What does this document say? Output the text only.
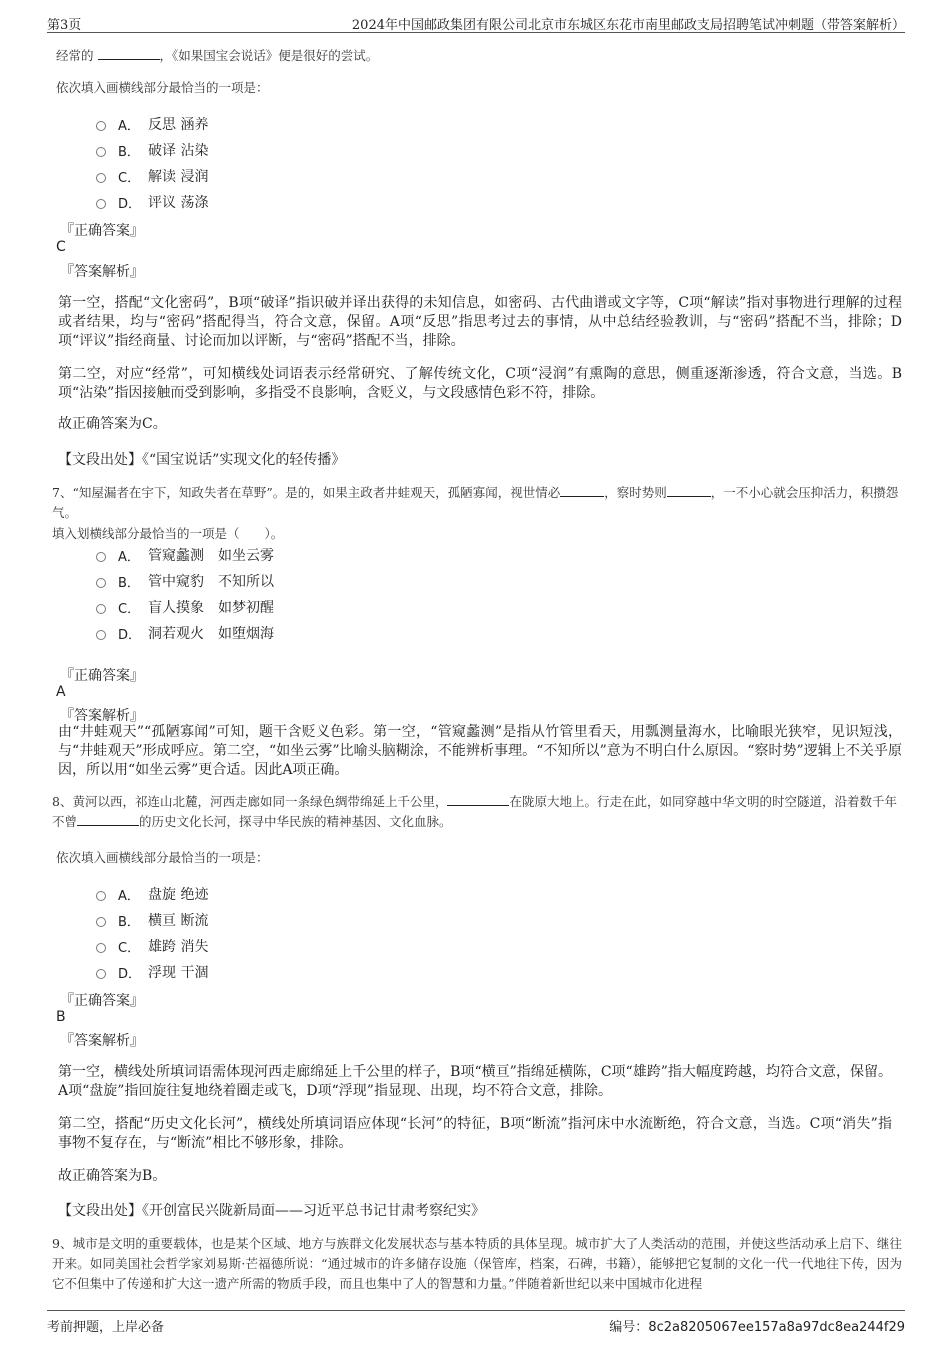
第3页	2024年中国邮政集团有限公司北京市东城区东花市南里邮政支局招聘笔试冲刺题（带答案解析）
经常的	，《如果国宝会说话》便是很好的尝试。
依次填入画横线部分最恰当的一项是：
A． 反思 涵养
B． 破译 沾染
C． 解读 浸润
D． 评议 荡涤
『正确答案』
C
『答案解析』
第一空，搭配“文化密码”，B项“破译”指识破并译出获得的未知信息，如密码、古代曲谱或文字等，C项“解读”指对事物进行理解的过程或者结果，均与“密码”搭配得当，符合文意，保留。A项“反思”指思考过去的事情，从中总结经验教训，与“密码”搭配不当，排除；D项“评议”指经商量、讨论而加以评断，与“密码”搭配不当，排除。
第二空，对应“经常”，可知横线处词语表示经常研究、了解传统文化，C项“浸润”有熏陶的意思，侧重逐渐渗透，符合文意，当选。B项“沾染”指因接触而受到影响，多指受不良影响，含贬义，与文段感情色彩不符，排除。
故正确答案为C。
【文段出处】《“国宝说话”实现文化的轻传播》
7、“知屋漏者在宇下，知政失者在草野”。是的，如果主政者井蛙观天，孤陋寡闻，视世情必	，察时势则	，一不小心就会压抑活力，积攒怨气。
填入划横线部分最恰当的一项是（　　）。
A． 管窥蠡测　如坐云雾
B． 管中窥豹　不知所以
C． 盲人摸象　如梦初醒
D． 洞若观火　如堕烟海
『正确答案』
A
『答案解析』
由“井蛙观天”“孤陋寡闻”可知，题干含贬义色彩。第一空，“管窥蠡测”是指从竹管里看天，用瓢测量海水，比喻眼光狭窄，见识短浅，与“井蛙观天”形成呼应。第二空，“如坐云雾”比喻头脑糊涂，不能辨析事理。“不知所以”意为不明白什么原因。“察时势”逻辑上不关乎原因，所以用“如坐云雾”更合适。因此A项正确。
8、黄河以西，祁连山北麓，河西走廊如同一条绿色绸带绵延上千公里，	在陇原大地上。行走在此，如同穿越中华文明的时空隧道，沿着数千年不曾	的历史文化长河，探寻中华民族的精神基因、文化血脉。
依次填入画横线部分最恰当的一项是：
A． 盘旋 绝迹
B． 横亘 断流
C． 雄跨 消失
D． 浮现 干涸
『正确答案』
B
『答案解析』
第一空，横线处所填词语需体现河西走廊绵延上千公里的样子，B项“横亘”指绵延横陈，C项“雄跨”指大幅度跨越，均符合文意，保留。A项“盘旋”指回旋往复地绕着圈走或飞，D项“浮现”指显现、出现，均不符合文意，排除。
第二空，搭配“历史文化长河”，横线处所填词语应体现“长河”的特征，B项“断流”指河床中水流断绝，符合文意，当选。C项“消失”指事物不复存在，与“断流”相比不够形象，排除。
故正确答案为B。
【文段出处】《开创富民兴陇新局面——习近平总书记甘肃考察纪实》
9、城市是文明的重要载体，也是某个区域、地方与族群文化发展状态与基本特质的具体呈现。城市扩大了人类活动的范围，并使这些活动承上启下、继往开来。如同美国社会哲学家刘易斯·芒福德所说：“通过城市的许多储存设施（保管库，档案，石碑，书籍），能够把它复制的文化一代一代地往下传，因为它不但集中了传递和扩大这一遗产所需的物质手段，而且也集中了人的智慧和力量。”伴随着新世纪以来中国城市化进程
考前押题，上岸必备	编号：8c2a8205067ee157a8a97dc8ea244f29
